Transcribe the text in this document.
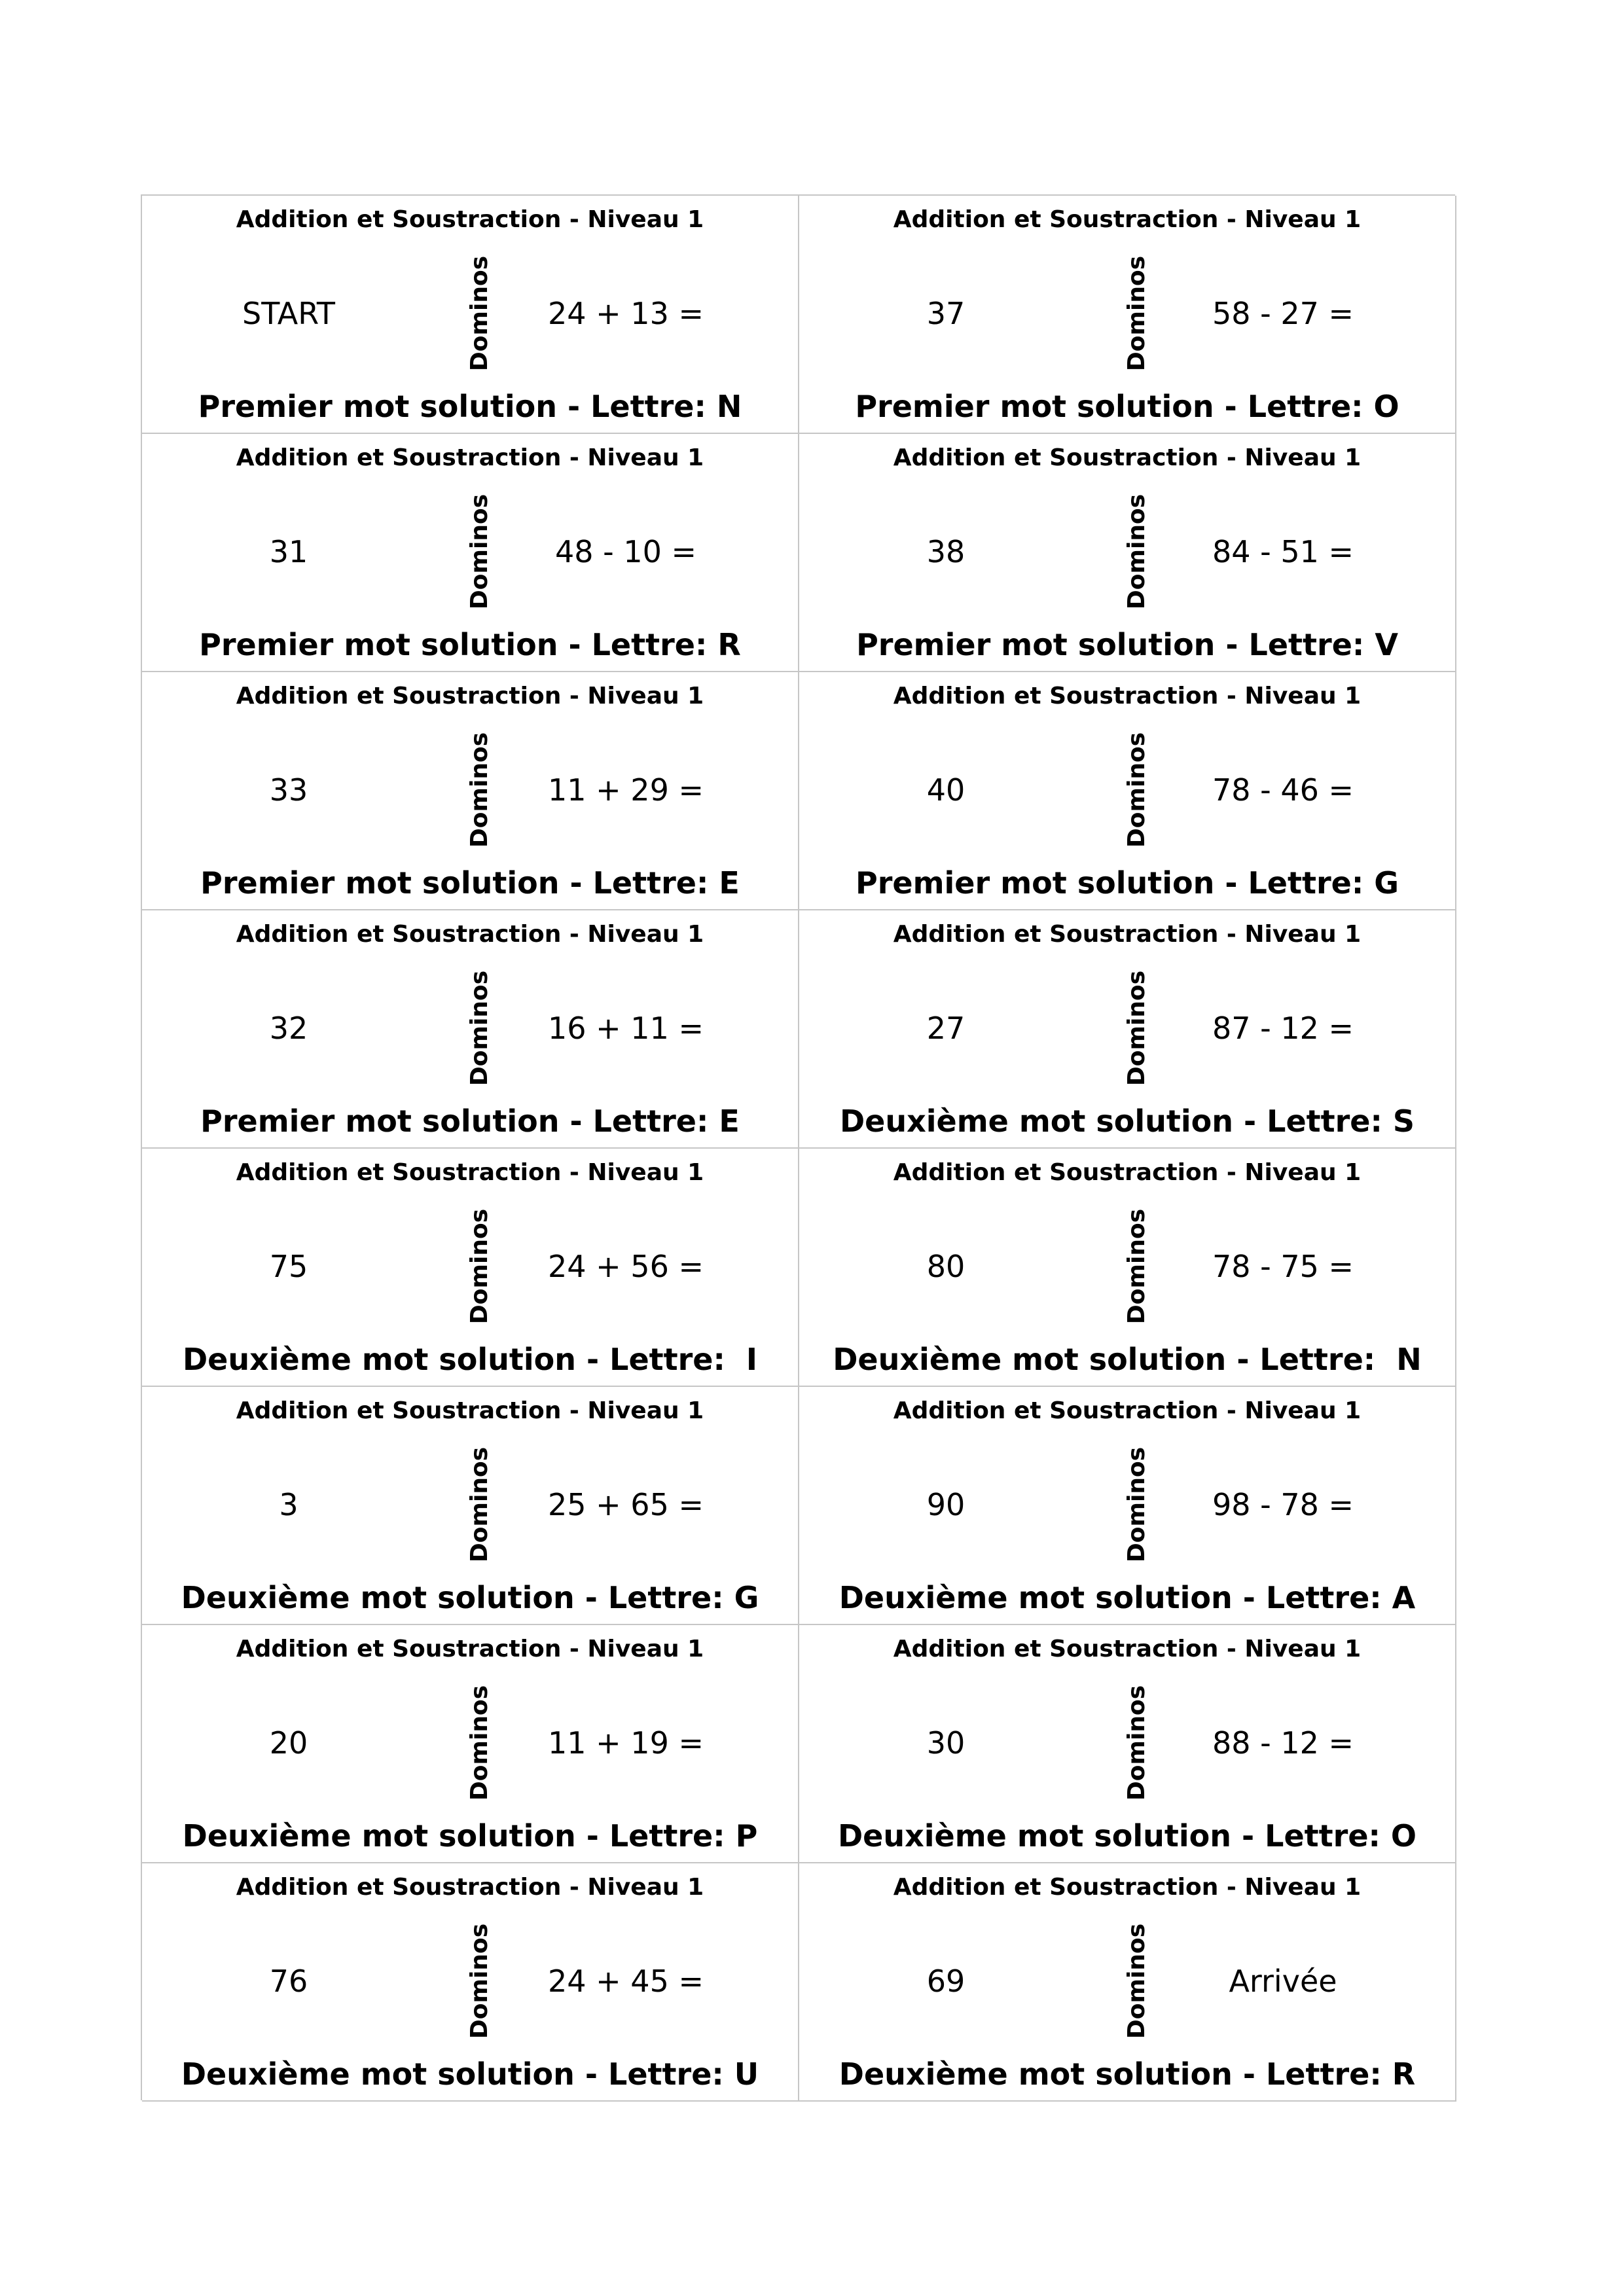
Addition et Soustraction - Niveau 1
START	Dominos	24 + 13 =
Premier mot solution - Lettre: N
Addition et Soustraction - Niveau 1
37	Dominos	58 - 27 =
Premier mot solution - Lettre: O
Addition et Soustraction - Niveau 1
31	Dominos	48 - 10 =
Premier mot solution - Lettre: R
Addition et Soustraction - Niveau 1
38	Dominos	84 - 51 =
Premier mot solution - Lettre: V
Addition et Soustraction - Niveau 1
33	Dominos	11 + 29 =
Premier mot solution - Lettre: E
Addition et Soustraction - Niveau 1
40	Dominos	78 - 46 =
Premier mot solution - Lettre: G
Addition et Soustraction - Niveau 1
32	Dominos	16 + 11 =
Premier mot solution - Lettre: E
Addition et Soustraction - Niveau 1
27	Dominos	87 - 12 =
Deuxième mot solution - Lettre: S
Addition et Soustraction - Niveau 1
75	Dominos	24 + 56 =
Deuxième mot solution - Lettre:  I
Addition et Soustraction - Niveau 1
80	Dominos	78 - 75 =
Deuxième mot solution - Lettre:  N
Addition et Soustraction - Niveau 1
3	Dominos	25 + 65 =
Deuxième mot solution - Lettre: G
Addition et Soustraction - Niveau 1
90	Dominos	98 - 78 =
Deuxième mot solution - Lettre: A
Addition et Soustraction - Niveau 1
20	Dominos	11 + 19 =
Deuxième mot solution - Lettre: P
Addition et Soustraction - Niveau 1
30	Dominos	88 - 12 =
Deuxième mot solution - Lettre: O
Addition et Soustraction - Niveau 1
76	Dominos	24 + 45 =
Deuxième mot solution - Lettre: U
Addition et Soustraction - Niveau 1
69	Dominos	Arrivée
Deuxième mot solution - Lettre: R
